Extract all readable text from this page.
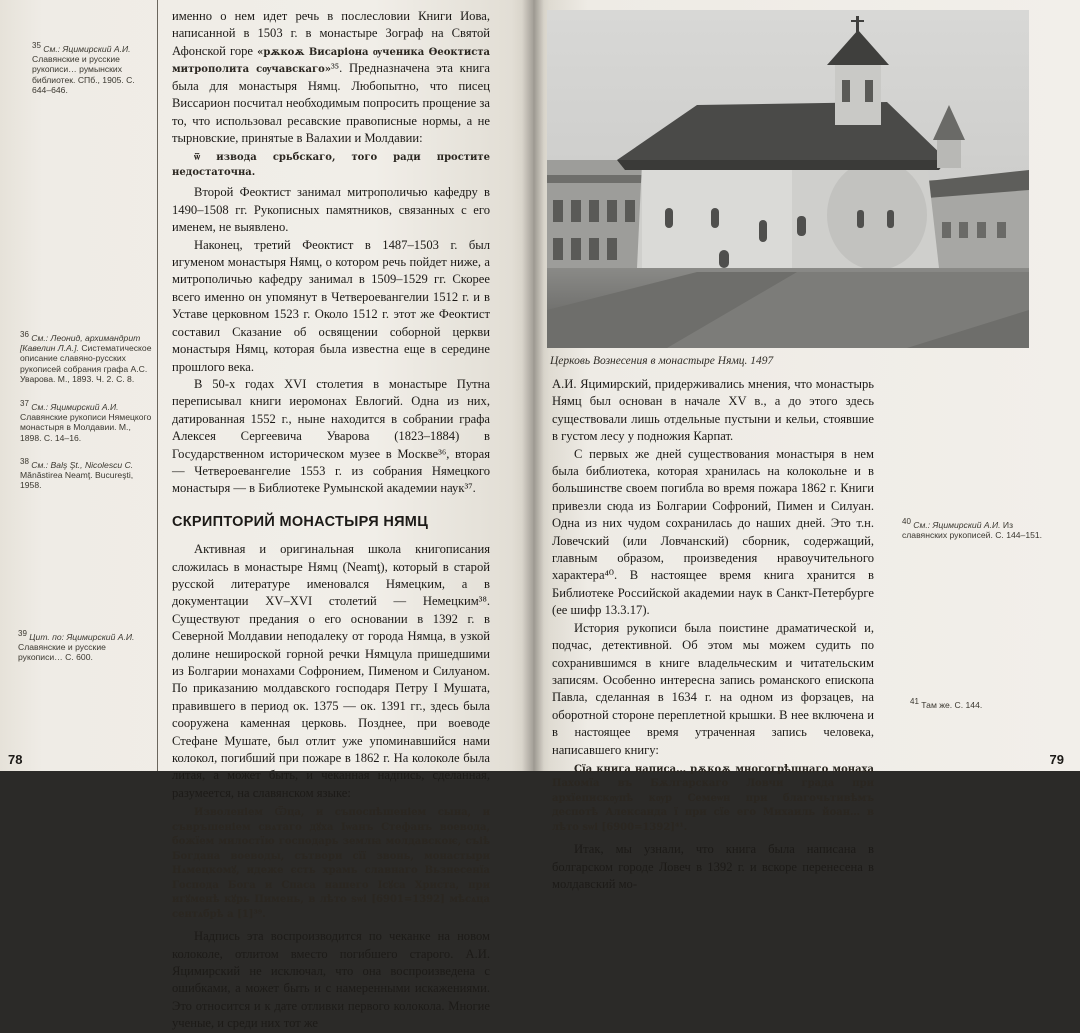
$^{35}$ См.: Яцимирский А.И. Славянские и русские рукописи… румынских библиотек. СПб., 1905. С. 644–646.
$^{36}$ См.: Леонид, архимандрит [Кавелин Л.А.]. Систематическое описание славяно-русских рукописей собрания графа А.С. Уварова. М., 1893. Ч. 2. С. 8.
$^{37}$ См.: Яцимирский А.И. Славянские рукописи Нямецкого монастыря в Молдавии. М., 1898. С. 14–16.
$^{38}$ См.: Balş Şt., Nicolescu C. Mănăstirea Neamţ. Bucureşti, 1958.
$^{39}$ Цит. по: Яцимирский А.И. Славянские и русские рукописи… С. 600.

именно о нем идет речь в послесловии Книги Иова, написанной в 1503 г. в монастыре Зограф на Святой Афонской горе «рѫкоѫ Висаріона ѹченика Ѳеоктиста митрополита сѹчавскаго»³⁵. Предназначена эта книга была для монастыря Нямц. Любопытно, что писец Виссарион посчитал необходимым попросить прощение за то, что использовал ресавские правописные нормы, а не тырновские, принятые в Валахии и Молдавии:

ѿ извода срьбскаго, того ради простите недостаточна.

Второй Феоктист занимал митрополичью кафедру в 1490–1508 гг. Рукописных памятников, связанных с его именем, не выявлено.

Наконец, третий Феоктист в 1487–1503 г. был игуменом монастыря Нямц, о котором речь пойдет ниже, а митрополичью кафедру занимал в 1509–1529 гг. Скорее всего именно он упомянут в Четвероевангелии 1512 г. и в Уставе церковном 1523 г. Около 1512 г. этот же Феоктист составил Сказание об освящении соборной церкви монастыря Нямц, которая была известна еще в середине прошлого века.

В 50-х годах XVI столетия в монастыре Путна переписывал книги иеромонах Евлогий. Одна из них, датированная 1552 г., ныне находится в собрании графа Алексея Сергеевича Уварова (1823–1884) в Государственном историческом музее в Москве³⁶, вторая — Четвероевангелие 1553 г. из собрания Нямецкого монастыря — в Библиотеке Румынской академии наук³⁷.

СКРИПТОРИЙ МОНАСТЫРЯ НЯМЦ

Активная и оригинальная школа книгописания сложилась в монастыре Нямц (Neamţ), который в старой русской литературе именовался Нямецким, а в документации XV–XVI столетий — Немецким³⁸. Существуют предания о его основании в 1392 г. в Северной Молдавии неподалеку от города Нямца, в узкой долине нешироской горной речки Нямцула пришедшими из Болгарии монахами Софронием, Пименом и Силуаном. По приказанию молдавского господаря Петру I Мушата, правившего в период ок. 1375 — ок. 1391 гг., здесь была сооружена каменная церковь. Позднее, при воеводе Стефане Мушате, был отлит уже упоминавшийся нами колокол, погибший при пожаре в 1862 г. На колоколе была литая, а может быть, и чеканная надпись, сделанная, разумеется, на славянском языке:

Изволеніем Ѿца, и съпоспѣшеніем сына, и съвръшеніем свѧтаго дꙋха Іѡанъ Стефанъ воевода, божїем милостїю господарь землꙗ молдавскоѥ, съіѣ Богдана воеводы, сътвори сїї звонь, монастыри Нѧмецкомꙋ, идеже єсть храмь славнаго Вьзнесенїа Господа Бога и Спаса нашего Ісꙋса Христа, при игꙋменѣ кꙋрь Пимень, в лѣто ѕѡі [6901=1392] мѣсѧца сентѧбрѣ а [1]³⁹.

Надпись эта воспроизводится по чеканке на новом колоколе, отлитом вместо погибшего старого. А.И. Яцимирский не исключал, что она воспроизведена с ошибками, а может быть и с намеренными искажениями. Это относится и к дате отливки первого колокола. Многие ученые, и среди них тот же

78	79
Церковь Вознесения в монастыре Нямц. 1497

А.И. Яцимирский, придерживались мнения, что монастырь Нямц был основан в начале XV в., а до этого здесь существовали лишь отдельные пустыни и кельи, стоявшие в густом лесу у подножия Карпат.

С первых же дней существования монастыря в нем была библиотека, которая хранилась на колокольне и в большинстве своем погибла во время пожара 1862 г. Книги привезли сюда из Болгарии Софроний, Пимен и Силуан. Одна из них чудом сохранилась до наших дней. Это т.н. Ловечский (или Ловчанский) сборник, содержащий, главным образом, произведения нравоучительного характера⁴⁰. В настоящее время книга хранится в Библиотеке Российской академии наук в Санкт-Петербурге (ее шифр 13.3.17).

История рукописи была поистине драматической и, подчас, детективной. Об этом мы можем судить по сохранившимся в книге владельческим и читательским записям. Особенно интересна запись романского епископа Павла, сделанная в 1634 г. на одном из форзацев, на оборотной стороне переплетной крышки. В нее включена и в настоящее время утраченная запись человека, написавшего книгу:

Сїа книга написа… рѫкоѫ многогрѣшнаго монаха Пахомїа въ Бѫлгарскаго Ловчи града при архїепискѹпѣ кѹр Семеѡн при благочьтивѣмъ деспотѣ Александа ї при сїе его Михаиль йоан… в лѣто ѕѡі [6900=1392]⁴¹.

Итак, мы узнали, что книга была написана в болгарском городе Ловеч в 1392 г. и вскоре перенесена в молдавский мо-

$^{40}$ См.: Яцимирский А.И. Из славянских рукописей. С. 144–151.
$^{41}$ Там же. С. 144.
